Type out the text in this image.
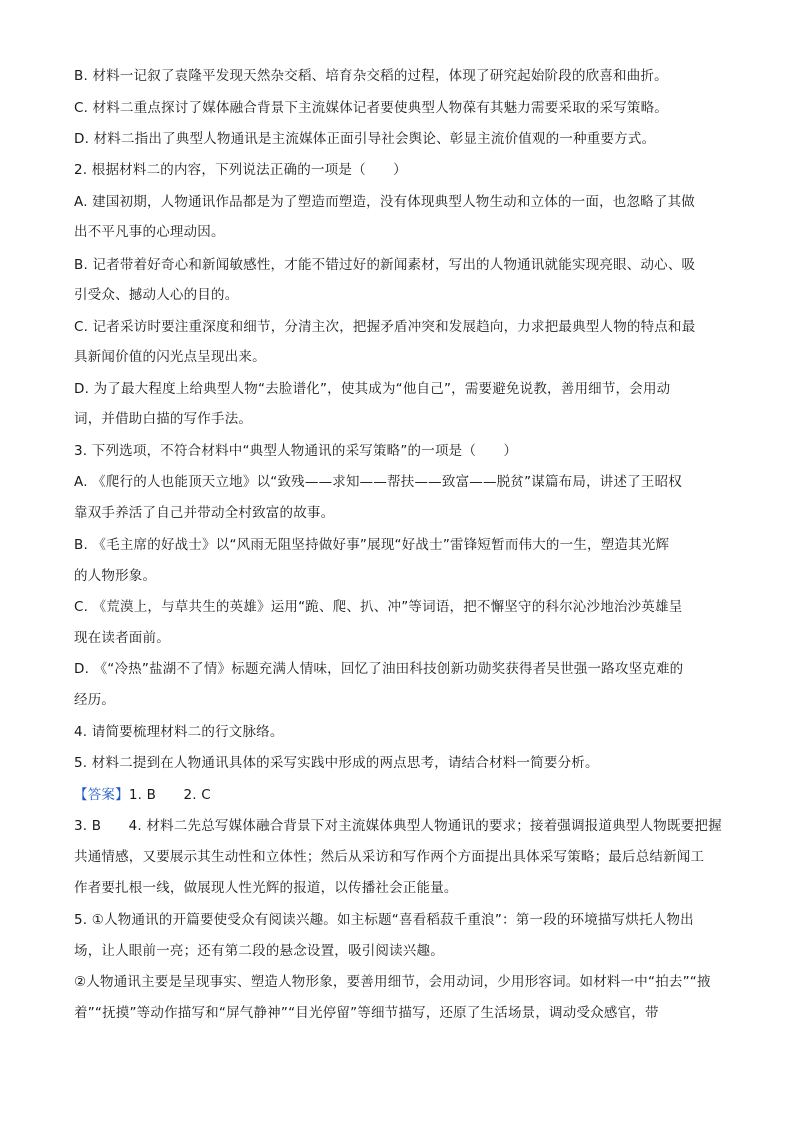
B. 材料一记叙了袁隆平发现天然杂交稻、培育杂交稻的过程，体现了研究起始阶段的欣喜和曲折。
C. 材料二重点探讨了媒体融合背景下主流媒体记者要使典型人物葆有其魅力需要采取的采写策略。
D. 材料二指出了典型人物通讯是主流媒体正面引导社会舆论、彰显主流价值观的一种重要方式。
2. 根据材料二的内容，下列说法正确的一项是（　　）
A. 建国初期，人物通讯作品都是为了塑造而塑造，没有体现典型人物生动和立体的一面，也忽略了其做
出不平凡事的心理动因。
B. 记者带着好奇心和新闻敏感性，才能不错过好的新闻素材，写出的人物通讯就能实现亮眼、动心、吸
引受众、撼动人心的目的。
C. 记者采访时要注重深度和细节，分清主次，把握矛盾冲突和发展趋向，力求把最典型人物的特点和最
具新闻价值的闪光点呈现出来。
D. 为了最大程度上给典型人物“去脸谱化”，使其成为“他自己”，需要避免说教，善用细节，会用动
词，并借助白描的写作手法。
3. 下列选项，不符合材料中“典型人物通讯的采写策略”的一项是（　　）
A. 《爬行的人也能顶天立地》以“致残——求知——帮扶——致富——脱贫”谋篇布局，讲述了王昭权
靠双手养活了自己并带动全村致富的故事。
B. 《毛主席的好战士》以“风雨无阻坚持做好事”展现“好战士”雷锋短暂而伟大的一生，塑造其光辉
的人物形象。
C. 《荒漠上，与草共生的英雄》运用“跪、爬、扒、冲”等词语，把不懈坚守的科尔沁沙地治沙英雄呈
现在读者面前。
D. 《“冷热”盐湖不了情》标题充满人情味，回忆了油田科技创新功勋奖获得者吴世强一路攻坚克难的
经历。
4. 请简要梳理材料二的行文脉络。
5. 材料二提到在人物通讯具体的采写实践中形成的两点思考，请结合材料一简要分析。
【答案】1. B　　2. C
3. B　　4. 材料二先总写媒体融合背景下对主流媒体典型人物通讯的要求；接着强调报道典型人物既要把握
共通情感，又要展示其生动性和立体性；然后从采访和写作两个方面提出具体采写策略；最后总结新闻工
作者要扎根一线，做展现人性光辉的报道，以传播社会正能量。
5. ①人物通讯的开篇要使受众有阅读兴趣。如主标题“喜看稻菽千重浪”：第一段的环境描写烘托人物出
场，让人眼前一亮；还有第二段的悬念设置，吸引阅读兴趣。
②人物通讯主要是呈现事实、塑造人物形象，要善用细节，会用动词，少用形容词。如材料一中“拍去”“掖
着”“抚摸”等动作描写和“屏气静神”“目光停留”等细节描写，还原了生活场景，调动受众感官，带
